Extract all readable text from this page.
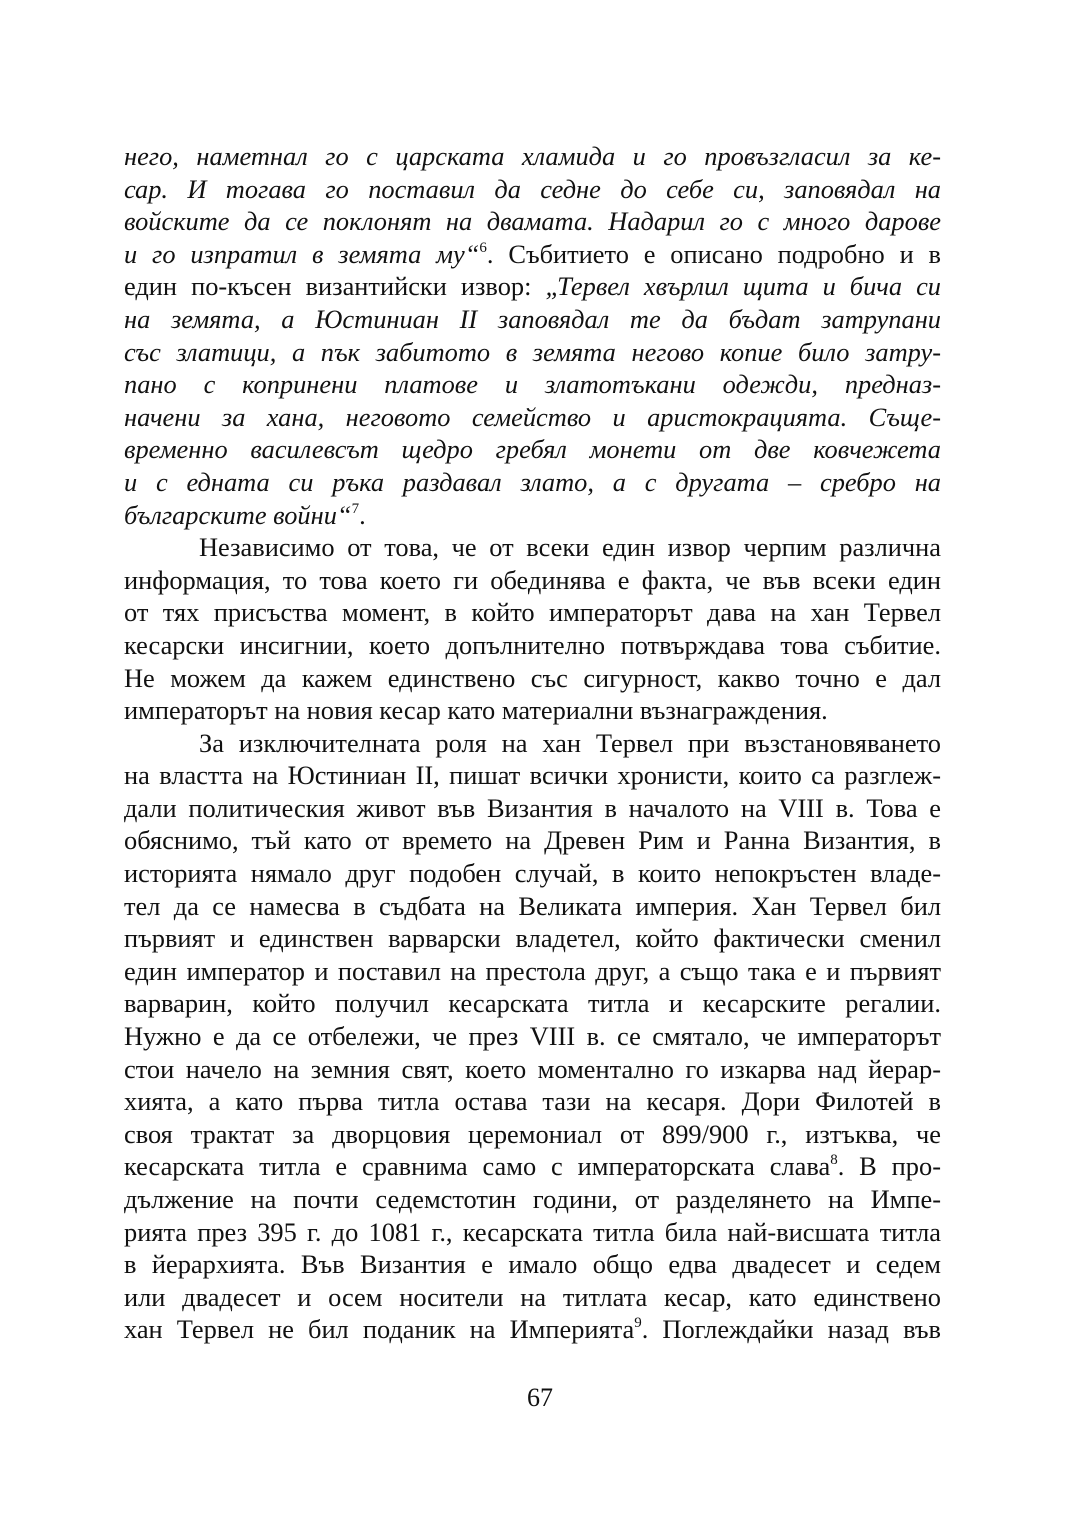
него, наметнал го с царската хламида и го провъзгласил за ке-
сар. И тогава го поставил да седне до себе си, заповядал на
войските да се поклонят на двамата. Надарил го с много дарове
и го изпратил в земята му“$^6$. Събитието е описано подробно и в
един по-късен византийски извор: „Тервел хвърлил щита и бича си
на земята, а Юстиниан II заповядал те да бъдат затрупани
със златици, а пък забитото в земята негово копие било затру-
пано с копринени платове и златотъкани одежди, предназ-
начени за хана, неговото семейство и аристокрацията. Съще-
временно василевсът щедро гребял монети от две ковчежета
и с едната си ръка раздавал злато, а с другата – сребро на
българските войни“$^7$.
Независимо от това, че от всеки един извор черпим различна
информация, то това което ги обединява е факта, че във всеки един
от тях присъства момент, в който императорът дава на хан Тервел
кесарски инсигнии, което допълнително потвърждава това събитие.
Не можем да кажем единствено със сигурност, какво точно е дал
императорът на новия кесар като материални възнаграждения.
За изключителната роля на хан Тервел при възстановяването
на властта на Юстиниан II, пишат всички хронисти, които са разглеж-
дали политическия живот във Византия в началото на VIII в. Това е
обяснимо, тъй като от времето на Древен Рим и Ранна Византия, в
историята нямало друг подобен случай, в които непокръстен владе-
тел да се намесва в съдбата на Великата империя. Хан Тервел бил
първият и единствен варварски владетел, който фактически сменил
един император и поставил на престола друг, а също така е и първият
варварин, който получил кесарската титла и кесарските регалии.
Нужно е да се отбележи, че през VIII в. се смятало, че императорът
стои начело на земния свят, което моментално го изкарва над йерар-
хията, а като първа титла остава тази на кесаря. Дори Филотей в
своя трактат за дворцовия церемониал от 899/900 г., изтъква, че
кесарската титла е сравнима само с императорската слава$^8$. В про-
дължение на почти седемстотин години, от разделянето на Импе-
рията през 395 г. до 1081 г., кесарската титла била най-висшата титла
в йерархията. Във Византия е имало общо едва двадесет и седем
или двадесет и осем носители на титлата кесар, като единствено
хан Тервел не бил поданик на Империята$^9$. Поглеждайки назад във
67
